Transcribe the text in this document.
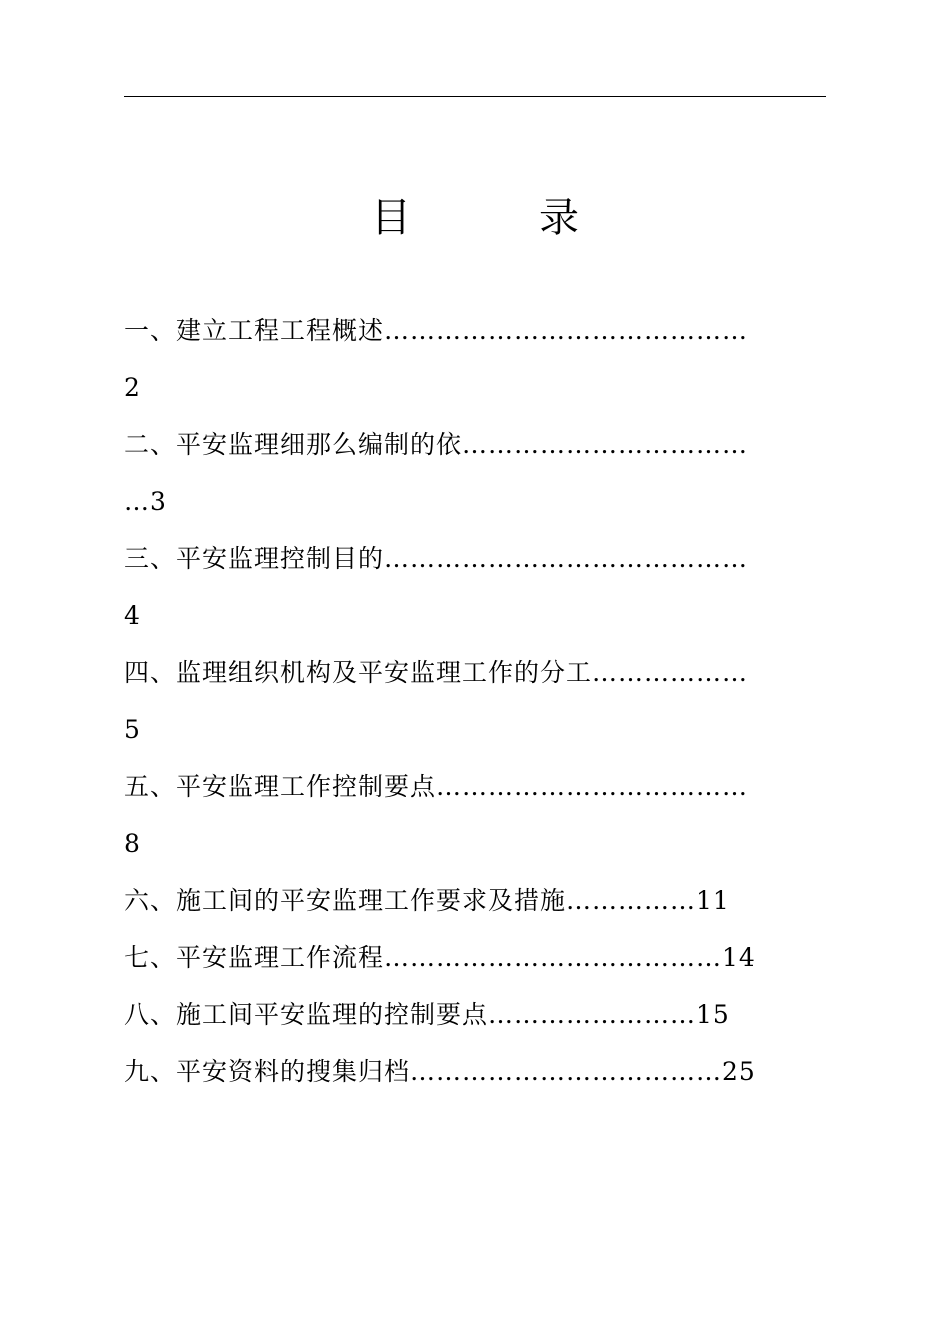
目　录
一、建立工程工程概述……………………………………
2
二、平安监理细那么编制的依……………………………
…3
三、平安监理控制目的……………………………………
4
四、监理组织机构及平安监理工作的分工………………
5
五、平安监理工作控制要点………………………………
8
六、施工间的平安监理工作要求及措施……………11
七、平安监理工作流程…………………………………14
八、施工间平安监理的控制要点……………………15
九、平安资料的搜集归档………………………………25
